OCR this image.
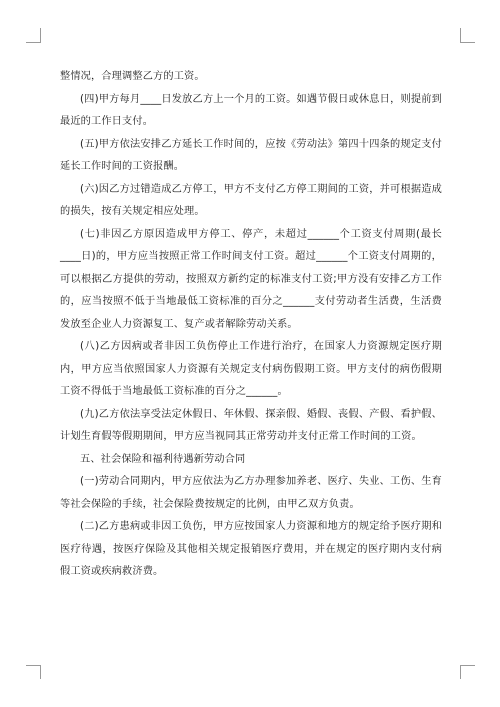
整情况，合理调整乙方的工资。

(四)甲方每月____日发放乙方上一个月的工资。如遇节假日或休息日，则提前到最近的工作日支付。

(五)甲方依法安排乙方延长工作时间的，应按《劳动法》第四十四条的规定支付延长工作时间的工资报酬。

(六)因乙方过错造成乙方停工，甲方不支付乙方停工期间的工资，并可根据造成的损失，按有关规定相应处理。

(七)非因乙方原因造成甲方停工、停产，未超过______个工资支付周期(最长____日)的，甲方应当按照正常工作时间支付工资。超过______个工资支付周期的，可以根据乙方提供的劳动，按照双方新约定的标准支付工资;甲方没有安排乙方工作的，应当按照不低于当地最低工资标准的百分之______支付劳动者生活费，生活费发放至企业人力资源复工、复产或者解除劳动关系。

(八)乙方因病或者非因工负伤停止工作进行治疗，在国家人力资源规定医疗期内，甲方应当依照国家人力资源有关规定支付病伤假期工资。甲方支付的病伤假期工资不得低于当地最低工资标准的百分之______。

(九)乙方依法享受法定休假日、年休假、探亲假、婚假、丧假、产假、看护假、计划生育假等假期期间，甲方应当视同其正常劳动并支付正常工作时间的工资。

五、社会保险和福利待遇新劳动合同

(一)劳动合同期内，甲方应依法为乙方办理参加养老、医疗、失业、工伤、生育等社会保险的手续，社会保险费按规定的比例，由甲乙双方负责。

(二)乙方患病或非因工负伤，甲方应按国家人力资源和地方的规定给予医疗期和医疗待遇，按医疗保险及其他相关规定报销医疗费用，并在规定的医疗期内支付病假工资或疾病救济费。
